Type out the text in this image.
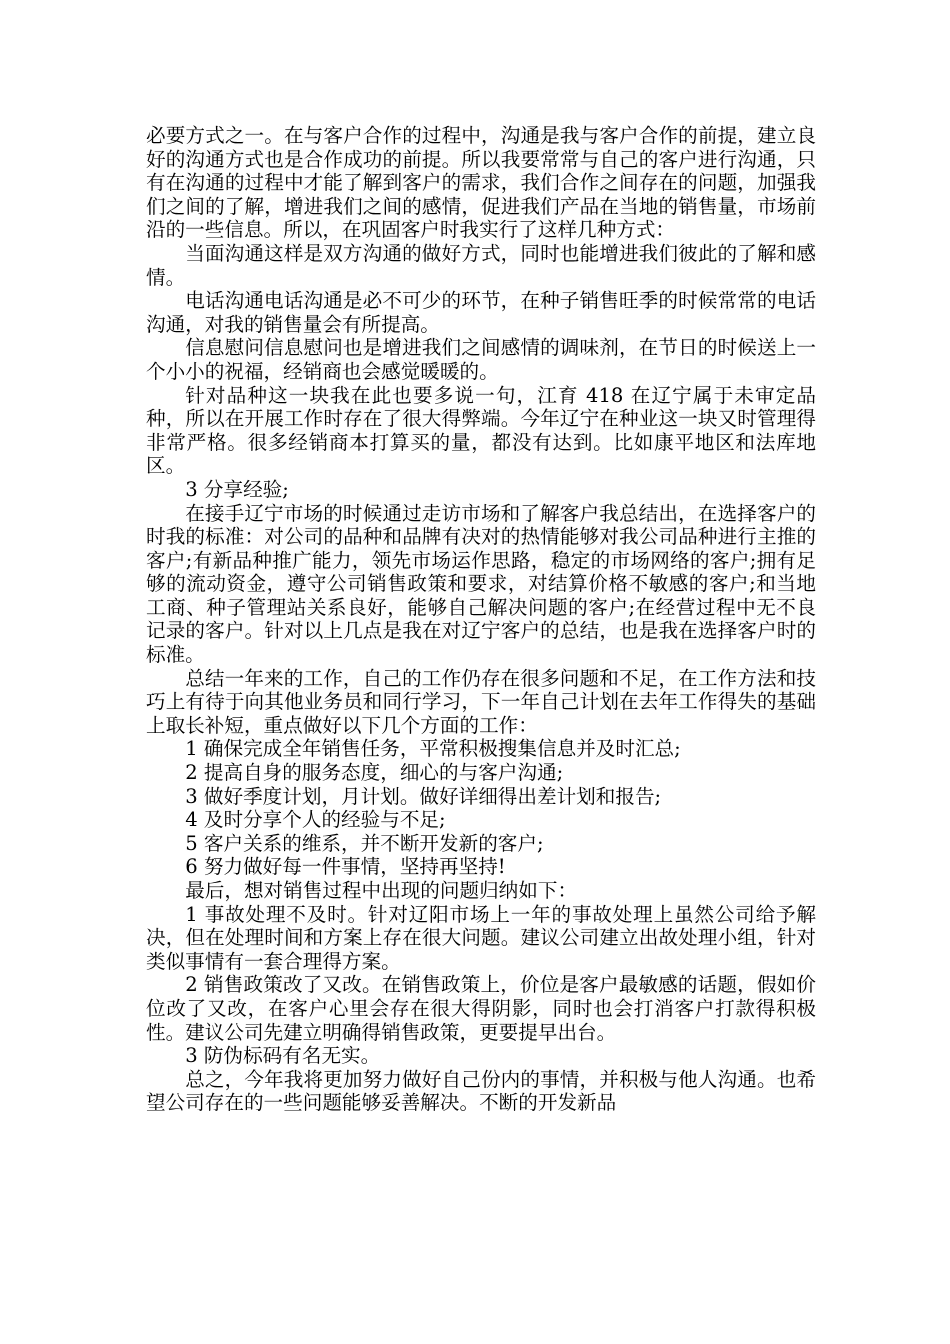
必要方式之一。在与客户合作的过程中，沟通是我与客户合作的前提，建立良好的沟通方式也是合作成功的前提。所以我要常常与自己的客户进行沟通，只有在沟通的过程中才能了解到客户的需求，我们合作之间存在的问题，加强我们之间的了解，增进我们之间的感情，促进我们产品在当地的销售量，市场前沿的一些信息。所以，在巩固客户时我实行了这样几种方式：

当面沟通这样是双方沟通的做好方式，同时也能增进我们彼此的了解和感情。

电话沟通电话沟通是必不可少的环节，在种子销售旺季的时候常常的电话沟通，对我的销售量会有所提高。

信息慰问信息慰问也是增进我们之间感情的调味剂，在节日的时候送上一个小小的祝福，经销商也会感觉暖暖的。

针对品种这一块我在此也要多说一句，江育 418 在辽宁属于未审定品种，所以在开展工作时存在了很大得弊端。今年辽宁在种业这一块又时管理得非常严格。很多经销商本打算买的量，都没有达到。比如康平地区和法库地区。

3 分享经验;

在接手辽宁市场的时候通过走访市场和了解客户我总结出，在选择客户的时我的标准：对公司的品种和品牌有决对的热情能够对我公司品种进行主推的客户;有新品种推广能力，领先市场运作思路，稳定的市场网络的客户;拥有足够的流动资金，遵守公司销售政策和要求，对结算价格不敏感的客户;和当地工商、种子管理站关系良好，能够自己解决问题的客户;在经营过程中无不良记录的客户。针对以上几点是我在对辽宁客户的总结，也是我在选择客户时的标准。

总结一年来的工作，自己的工作仍存在很多问题和不足，在工作方法和技巧上有待于向其他业务员和同行学习，下一年自己计划在去年工作得失的基础上取长补短，重点做好以下几个方面的工作：

1 确保完成全年销售任务，平常积极搜集信息并及时汇总;

2 提高自身的服务态度，细心的与客户沟通;

3 做好季度计划，月计划。做好详细得出差计划和报告;

4 及时分享个人的经验与不足;

5 客户关系的维系，并不断开发新的客户;

6 努力做好每一件事情，坚持再坚持!

最后，想对销售过程中出现的问题归纳如下：

1 事故处理不及时。针对辽阳市场上一年的事故处理上虽然公司给予解决，但在处理时间和方案上存在很大问题。建议公司建立出故处理小组，针对类似事情有一套合理得方案。

2 销售政策改了又改。在销售政策上，价位是客户最敏感的话题，假如价位改了又改，在客户心里会存在很大得阴影，同时也会打消客户打款得积极性。建议公司先建立明确得销售政策，更要提早出台。

3 防伪标码有名无实。

总之，今年我将更加努力做好自己份内的事情，并积极与他人沟通。也希望公司存在的一些问题能够妥善解决。不断的开发新品
